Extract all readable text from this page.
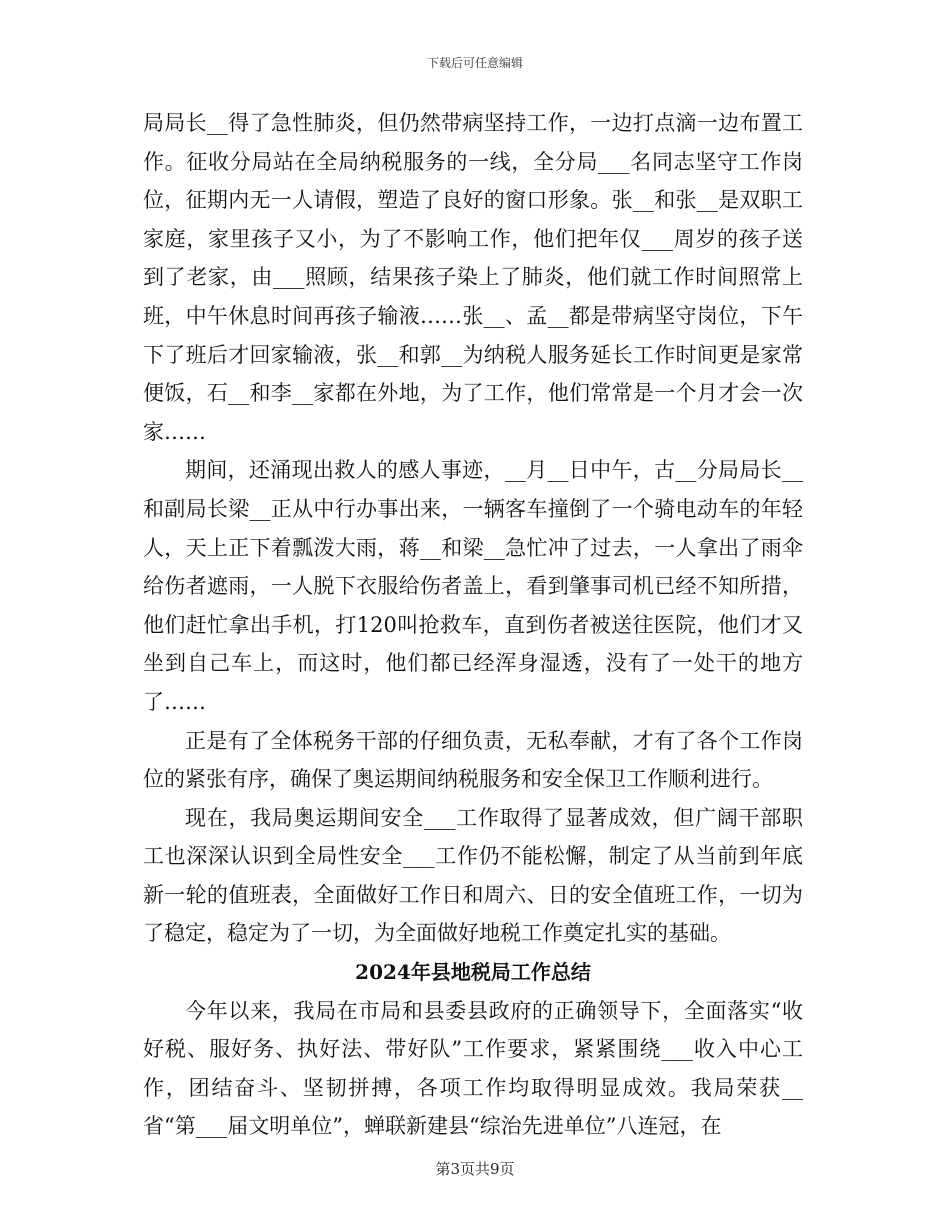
下载后可任意编辑

局局长__得了急性肺炎，但仍然带病坚持工作，一边打点滴一边布置工作。征收分局站在全局纳税服务的一线，全分局___名同志坚守工作岗位，征期内无一人请假，塑造了良好的窗口形象。张__和张__是双职工家庭，家里孩子又小，为了不影响工作，他们把年仅___周岁的孩子送到了老家，由___照顾，结果孩子染上了肺炎，他们就工作时间照常上班，中午休息时间再孩子输液……张__、孟__都是带病坚守岗位，下午下了班后才回家输液，张__和郭__为纳税人服务延长工作时间更是家常便饭，石__和李__家都在外地，为了工作，他们常常是一个月才会一次家……

期间，还涌现出救人的感人事迹，__月__日中午，古__分局局长__和副局长梁__正从中行办事出来，一辆客车撞倒了一个骑电动车的年轻人，天上正下着瓢泼大雨，蒋__和梁__急忙冲了过去，一人拿出了雨伞给伤者遮雨，一人脱下衣服给伤者盖上，看到肇事司机已经不知所措，他们赶忙拿出手机，打120叫抢救车，直到伤者被送往医院，他们才又坐到自己车上，而这时，他们都已经浑身湿透，没有了一处干的地方了……

正是有了全体税务干部的仔细负责，无私奉献，才有了各个工作岗位的紧张有序，确保了奥运期间纳税服务和安全保卫工作顺利进行。

现在，我局奥运期间安全___工作取得了显著成效，但广阔干部职工也深深认识到全局性安全___工作仍不能松懈，制定了从当前到年底新一轮的值班表，全面做好工作日和周六、日的安全值班工作，一切为了稳定，稳定为了一切，为全面做好地税工作奠定扎实的基础。

2024年县地税局工作总结

今年以来，我局在市局和县委县政府的正确领导下，全面落实“收好税、服好务、执好法、带好队”工作要求，紧紧围绕___收入中心工作，团结奋斗、坚韧拼搏，各项工作均取得明显成效。我局荣获__省“第___届文明单位”，蝉联新建县“综治先进单位”八连冠，在

第3页共9页
